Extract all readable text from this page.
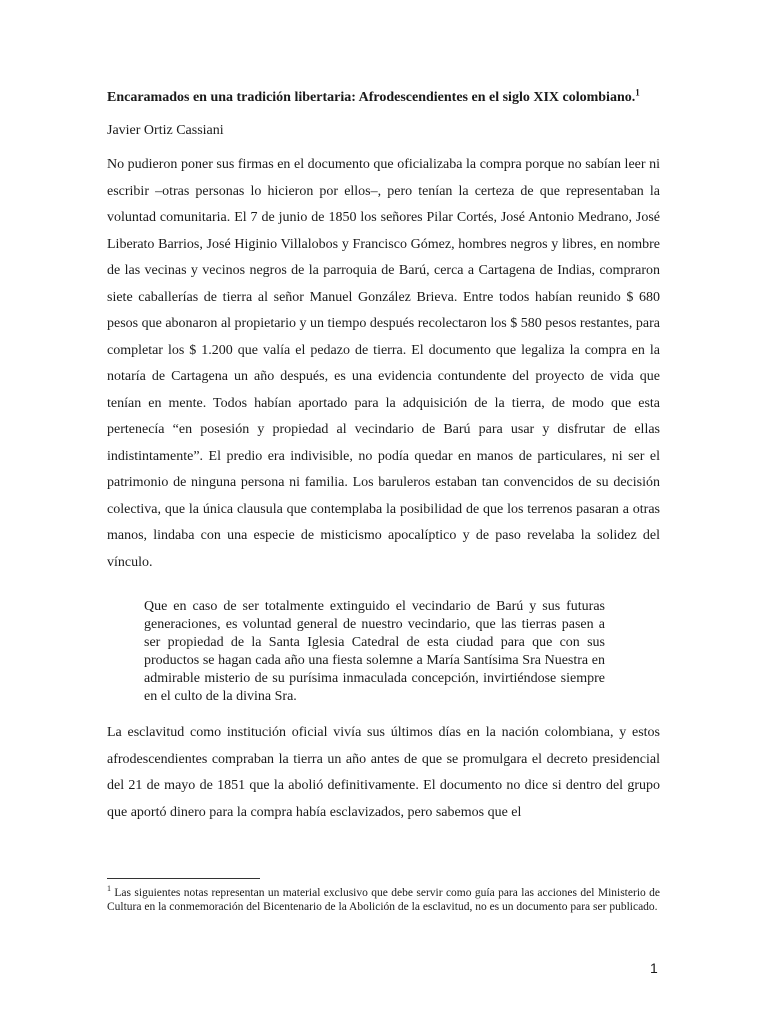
Encaramados en una tradición libertaria: Afrodescendientes en el siglo XIX colombiano.$^1$

Javier Ortiz Cassiani

No pudieron poner sus firmas en el documento que oficializaba la compra porque no sabían leer ni escribir –otras personas lo hicieron por ellos–, pero tenían la certeza de que representaban la voluntad comunitaria. El 7 de junio de 1850 los señores Pilar Cortés, José Antonio Medrano, José Liberato Barrios, José Higinio Villalobos y Francisco Gómez, hombres negros y libres, en nombre de las vecinas y vecinos negros de la parroquia de Barú, cerca a Cartagena de Indias, compraron siete caballerías de tierra al señor Manuel González Brieva. Entre todos habían reunido $ 680 pesos que abonaron al propietario y un tiempo después recolectaron los $ 580 pesos restantes, para completar los $ 1.200 que valía el pedazo de tierra. El documento que legaliza la compra en la notaría de Cartagena un año después, es una evidencia contundente del proyecto de vida que tenían en mente. Todos habían aportado para la adquisición de la tierra, de modo que esta pertenecía “en posesión y propiedad al vecindario de Barú para usar y disfrutar de ellas indistintamente”. El predio era indivisible, no podía quedar en manos de particulares, ni ser el patrimonio de ninguna persona ni familia. Los baruleros estaban tan convencidos de su decisión colectiva, que la única clausula que contemplaba la posibilidad de que los terrenos pasaran a otras manos, lindaba con una especie de misticismo apocalíptico y de paso revelaba la solidez del vínculo.

Que en caso de ser totalmente extinguido el vecindario de Barú y sus futuras generaciones, es voluntad general de nuestro vecindario, que las tierras pasen a ser propiedad de la Santa Iglesia Catedral de esta ciudad para que con sus productos se hagan cada año una fiesta solemne a María Santísima Sra Nuestra en admirable misterio de su purísima inmaculada concepción, invirtiéndose siempre en el culto de la divina Sra.

La esclavitud como institución oficial vivía sus últimos días en la nación colombiana, y estos afrodescendientes compraban la tierra un año antes de que se promulgara el decreto presidencial del 21 de mayo de 1851 que la abolió definitivamente. El documento no dice si dentro del grupo que aportó dinero para la compra había esclavizados, pero sabemos que el

$^1$ Las siguientes notas representan un material exclusivo que debe servir como guía para las acciones del Ministerio de Cultura en la conmemoración del Bicentenario de la Abolición de la esclavitud, no es un documento para ser publicado.

1
